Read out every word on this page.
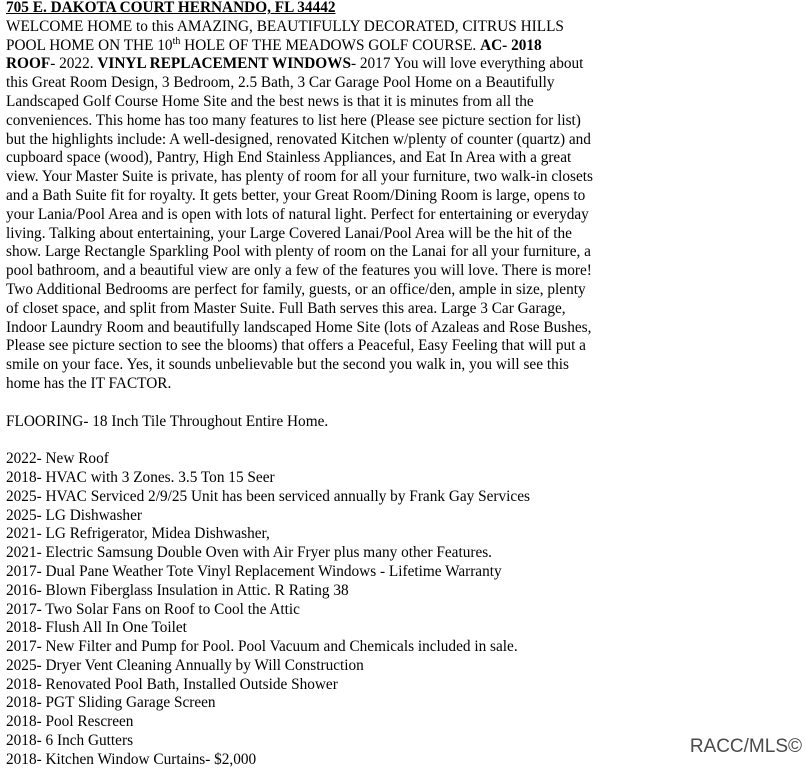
705 E. DAKOTA COURT HERNANDO, FL 34442
WELCOME HOME to this AMAZING, BEAUTIFULLY DECORATED, CITRUS HILLS
POOL HOME ON THE 10th HOLE OF THE MEADOWS GOLF COURSE. AC- 2018
ROOF- 2022. VINYL REPLACEMENT WINDOWS- 2017 You will love everything about
this Great Room Design, 3 Bedroom, 2.5 Bath, 3 Car Garage Pool Home on a Beautifully
Landscaped Golf Course Home Site and the best news is that it is minutes from all the
conveniences. This home has too many features to list here (Please see picture section for list)
but the highlights include: A well-designed, renovated Kitchen w/plenty of counter (quartz) and
cupboard space (wood), Pantry, High End Stainless Appliances, and Eat In Area with a great
view. Your Master Suite is private, has plenty of room for all your furniture, two walk-in closets
and a Bath Suite fit for royalty. It gets better, your Great Room/Dining Room is large, opens to
your Lania/Pool Area and is open with lots of natural light. Perfect for entertaining or everyday
living. Talking about entertaining, your Large Covered Lanai/Pool Area will be the hit of the
show. Large Rectangle Sparkling Pool with plenty of room on the Lanai for all your furniture, a
pool bathroom, and a beautiful view are only a few of the features you will love. There is more!
Two Additional Bedrooms are perfect for family, guests, or an office/den, ample in size, plenty
of closet space, and split from Master Suite. Full Bath serves this area. Large 3 Car Garage,
Indoor Laundry Room and beautifully landscaped Home Site (lots of Azaleas and Rose Bushes,
Please see picture section to see the blooms) that offers a Peaceful, Easy Feeling that will put a
smile on your face. Yes, it sounds unbelievable but the second you walk in, you will see this
home has the IT FACTOR.
FLOORING- 18 Inch Tile Throughout Entire Home.
2022- New Roof
2018- HVAC with 3 Zones. 3.5 Ton 15 Seer
2025- HVAC Serviced 2/9/25 Unit has been serviced annually by Frank Gay Services
2025- LG Dishwasher
2021- LG Refrigerator, Midea Dishwasher,
2021- Electric Samsung Double Oven with Air Fryer plus many other Features.
2017- Dual Pane Weather Tote Vinyl Replacement Windows - Lifetime Warranty
2016- Blown Fiberglass Insulation in Attic. R Rating 38
2017- Two Solar Fans on Roof to Cool the Attic
2018- Flush All In One Toilet
2017- New Filter and Pump for Pool. Pool Vacuum and Chemicals included in sale.
2025- Dryer Vent Cleaning Annually by Will Construction
2018- Renovated Pool Bath, Installed Outside Shower
2018- PGT Sliding Garage Screen
2018- Pool Rescreen
2018- 6 Inch Gutters
2018- Kitchen Window Curtains- $2,000
RACC/MLS©
